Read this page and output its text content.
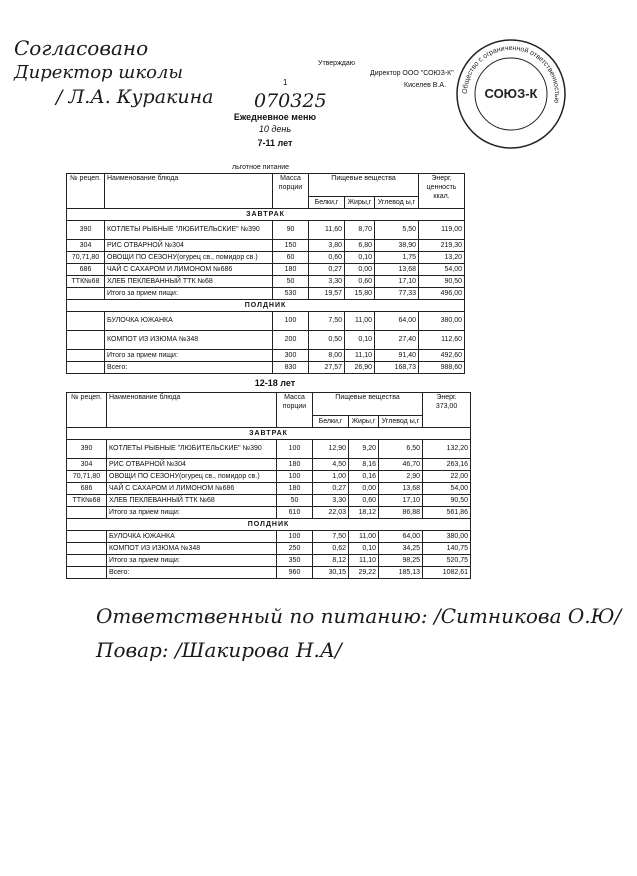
Согласовано
Директор школы
/ Л.А. Куракина
Утверждаю
Директор ООО "СОЮЗ-К"
Киселев В.А.
Общество с ограниченной ответственностью
СОЮЗ-К
1
070325
Ежедневное меню
10 день
7-11 лет
льготное питание
№ рецеп.	Наименование блюда	Масса порции	Пищевые вещества			Энерг. ценность ккал.
			Белки,г	Жиры,г	Углевод ы,г	
ЗАВТРАК						
390	КОТЛЕТЫ РЫБНЫЕ "ЛЮБИТЕЛЬСКИЕ" №390	90	11,60	8,70	5,50	119,00
304	РИС ОТВАРНОЙ №304	150	3,80	6,80	38,90	219,30
70,71,80	ОВОЩИ ПО СЕЗОНУ(огурец св., помидор св.)	60	0,60	0,10	1,75	13,20
686	ЧАЙ С САХАРОМ И ЛИМОНОМ №686	180	0,27	0,00	13,68	54,00
ТТК№68	ХЛЕБ ПЕКЛЕВАННЫЙ ТТК №68	50	3,30	0,60	17,10	90,50
	Итого за прием пищи:	530	19,57	15,80	77,33	496,00
ПОЛДНИК						
	БУЛОЧКА ЮЖАНКА	100	7,50	11,00	64,00	380,00
	КОМПОТ ИЗ ИЗЮМА №348	200	0,50	0,10	27,40	112,60
	Итого за прием пищи:	300	8,00	11,10	91,40	492,60
	Всего:	830	27,57	26,90	168,73	988,60
12-18 лет
№ рецеп.	Наименование блюда	Масса порции	Пищевые вещества			Энерг. 373,00
			Белки,г	Жиры,г	Углевод ы,г	
ЗАВТРАК						
390	КОТЛЕТЫ РЫБНЫЕ "ЛЮБИТЕЛЬСКИЕ" №390	100	12,90	9,20	6,50	132,20
304	РИС ОТВАРНОЙ №304	180	4,50	8,16	46,70	263,16
70,71,80	ОВОЩИ ПО СЕЗОНУ(огурец св., помидор св.)	100	1,00	0,16	2,90	22,00
686	ЧАЙ С САХАРОМ И ЛИМОНОМ №686	180	0,27	0,00	13,68	54,00
ТТК№68	ХЛЕБ ПЕКЛЕВАННЫЙ ТТК №68	50	3,30	0,60	17,10	90,50
	Итого за прием пищи:	610	22,03	18,12	86,88	561,86
ПОЛДНИК						
	БУЛОЧКА ЮЖАНКА	100	7,50	11,00	64,00	380,00
	КОМПОТ ИЗ ИЗЮМА №348	250	0,62	0,10	34,25	140,75
	Итого за прием пищи:	350	8,12	11,10	98,25	520,75
	Всего:	960	30,15	29,22	185,13	1082,61
Ответственный по питанию: /Ситникова О.Ю/
Повар: /Шакирова Н.А/
